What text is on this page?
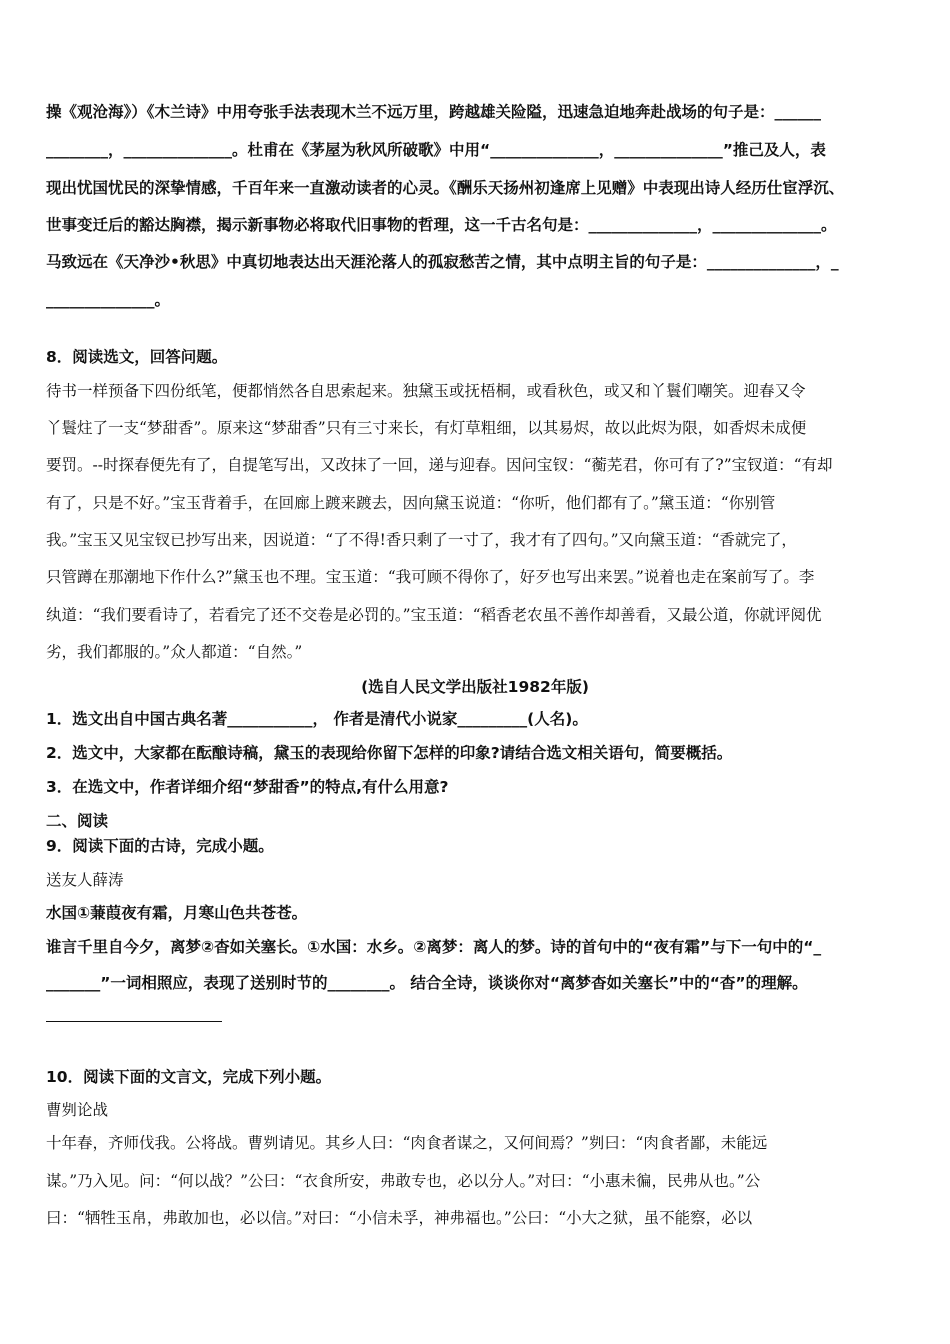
操《观沧海》）《木兰诗》中用夸张手法表现木兰不远万里，跨越雄关险隘，迅速急迫地奔赴战场的句子是：______
________，______________。杜甫在《茅屋为秋风所破歌》中用“______________，______________”推己及人，表
现出忧国忧民的深挚情感，千百年来一直激动读者的心灵。《酬乐天扬州初逢席上见赠》中表现出诗人经历仕宦浮沉、
世事变迁后的豁达胸襟，揭示新事物必将取代旧事物的哲理，这一千古名句是：______________，______________。
马致远在《天净沙•秋思》中真切地表达出天涯沦落人的孤寂愁苦之情，其中点明主旨的句子是：______________，_
______________。
8．阅读选文，回答问题。
待书一样预备下四份纸笔，便都悄然各自思索起来。独黛玉或抚梧桐，或看秋色，或又和丫鬟们嘲笑。迎春又令
丫鬟炷了一支“梦甜香”。原来这“梦甜香”只有三寸来长，有灯草粗细，以其易烬，故以此烬为限，如香烬未成便
要罚。--时探春便先有了，自提笔写出，又改抹了一回，递与迎春。因问宝钗：“蘅芜君，你可有了?”宝钗道：“有却
有了，只是不好。”宝玉背着手，在回廊上踱来踱去，因向黛玉说道：“你听，他们都有了。”黛玉道：“你别管
我。”宝玉又见宝钗已抄写出来，因说道：“了不得!香只剩了一寸了，我才有了四句。”又向黛玉道：“香就完了，
只管蹲在那潮地下作什么?”黛玉也不理。宝玉道：“我可顾不得你了，好歹也写出来罢。”说着也走在案前写了。李
纨道：“我们要看诗了，若看完了还不交卷是必罚的。”宝玉道：“稻香老农虽不善作却善看，又最公道，你就评阅优
劣，我们都服的。”众人都道：“自然。”
(选自人民文学出版社1982年版)
1．选文出自中国古典名著___________， 作者是清代小说家_________(人名)。
2．选文中，大家都在酝酿诗稿，黛玉的表现给你留下怎样的印象?请结合选文相关语句，简要概括。
3．在选文中，作者详细介绍“梦甜香”的特点,有什么用意?
二、阅读
9．阅读下面的古诗，完成小题。
送友人薛涛
水国①蒹葭夜有霜，月寒山色共苍苍。
谁言千里自今夕，离梦②杳如关塞长。①水国：水乡。②离梦：离人的梦。诗的首句中的“夜有霜”与下一句中的“_
_______”一词相照应，表现了送别时节的________。 结合全诗，谈谈你对“离梦杳如关塞长”中的“杳”的理解。
10．阅读下面的文言文，完成下列小题。
曹刿论战
十年春，齐师伐我。公将战。曹刿请见。其乡人曰：“肉食者谋之，又何间焉？”刿曰：“肉食者鄙，未能远
谋。”乃入见。问：“何以战？”公曰：“衣食所安，弗敢专也，必以分人。”对曰：“小惠未徧，民弗从也。”公
曰：“牺牲玉帛，弗敢加也，必以信。”对曰：“小信未孚，神弗福也。”公曰：“小大之狱，虽不能察，必以
